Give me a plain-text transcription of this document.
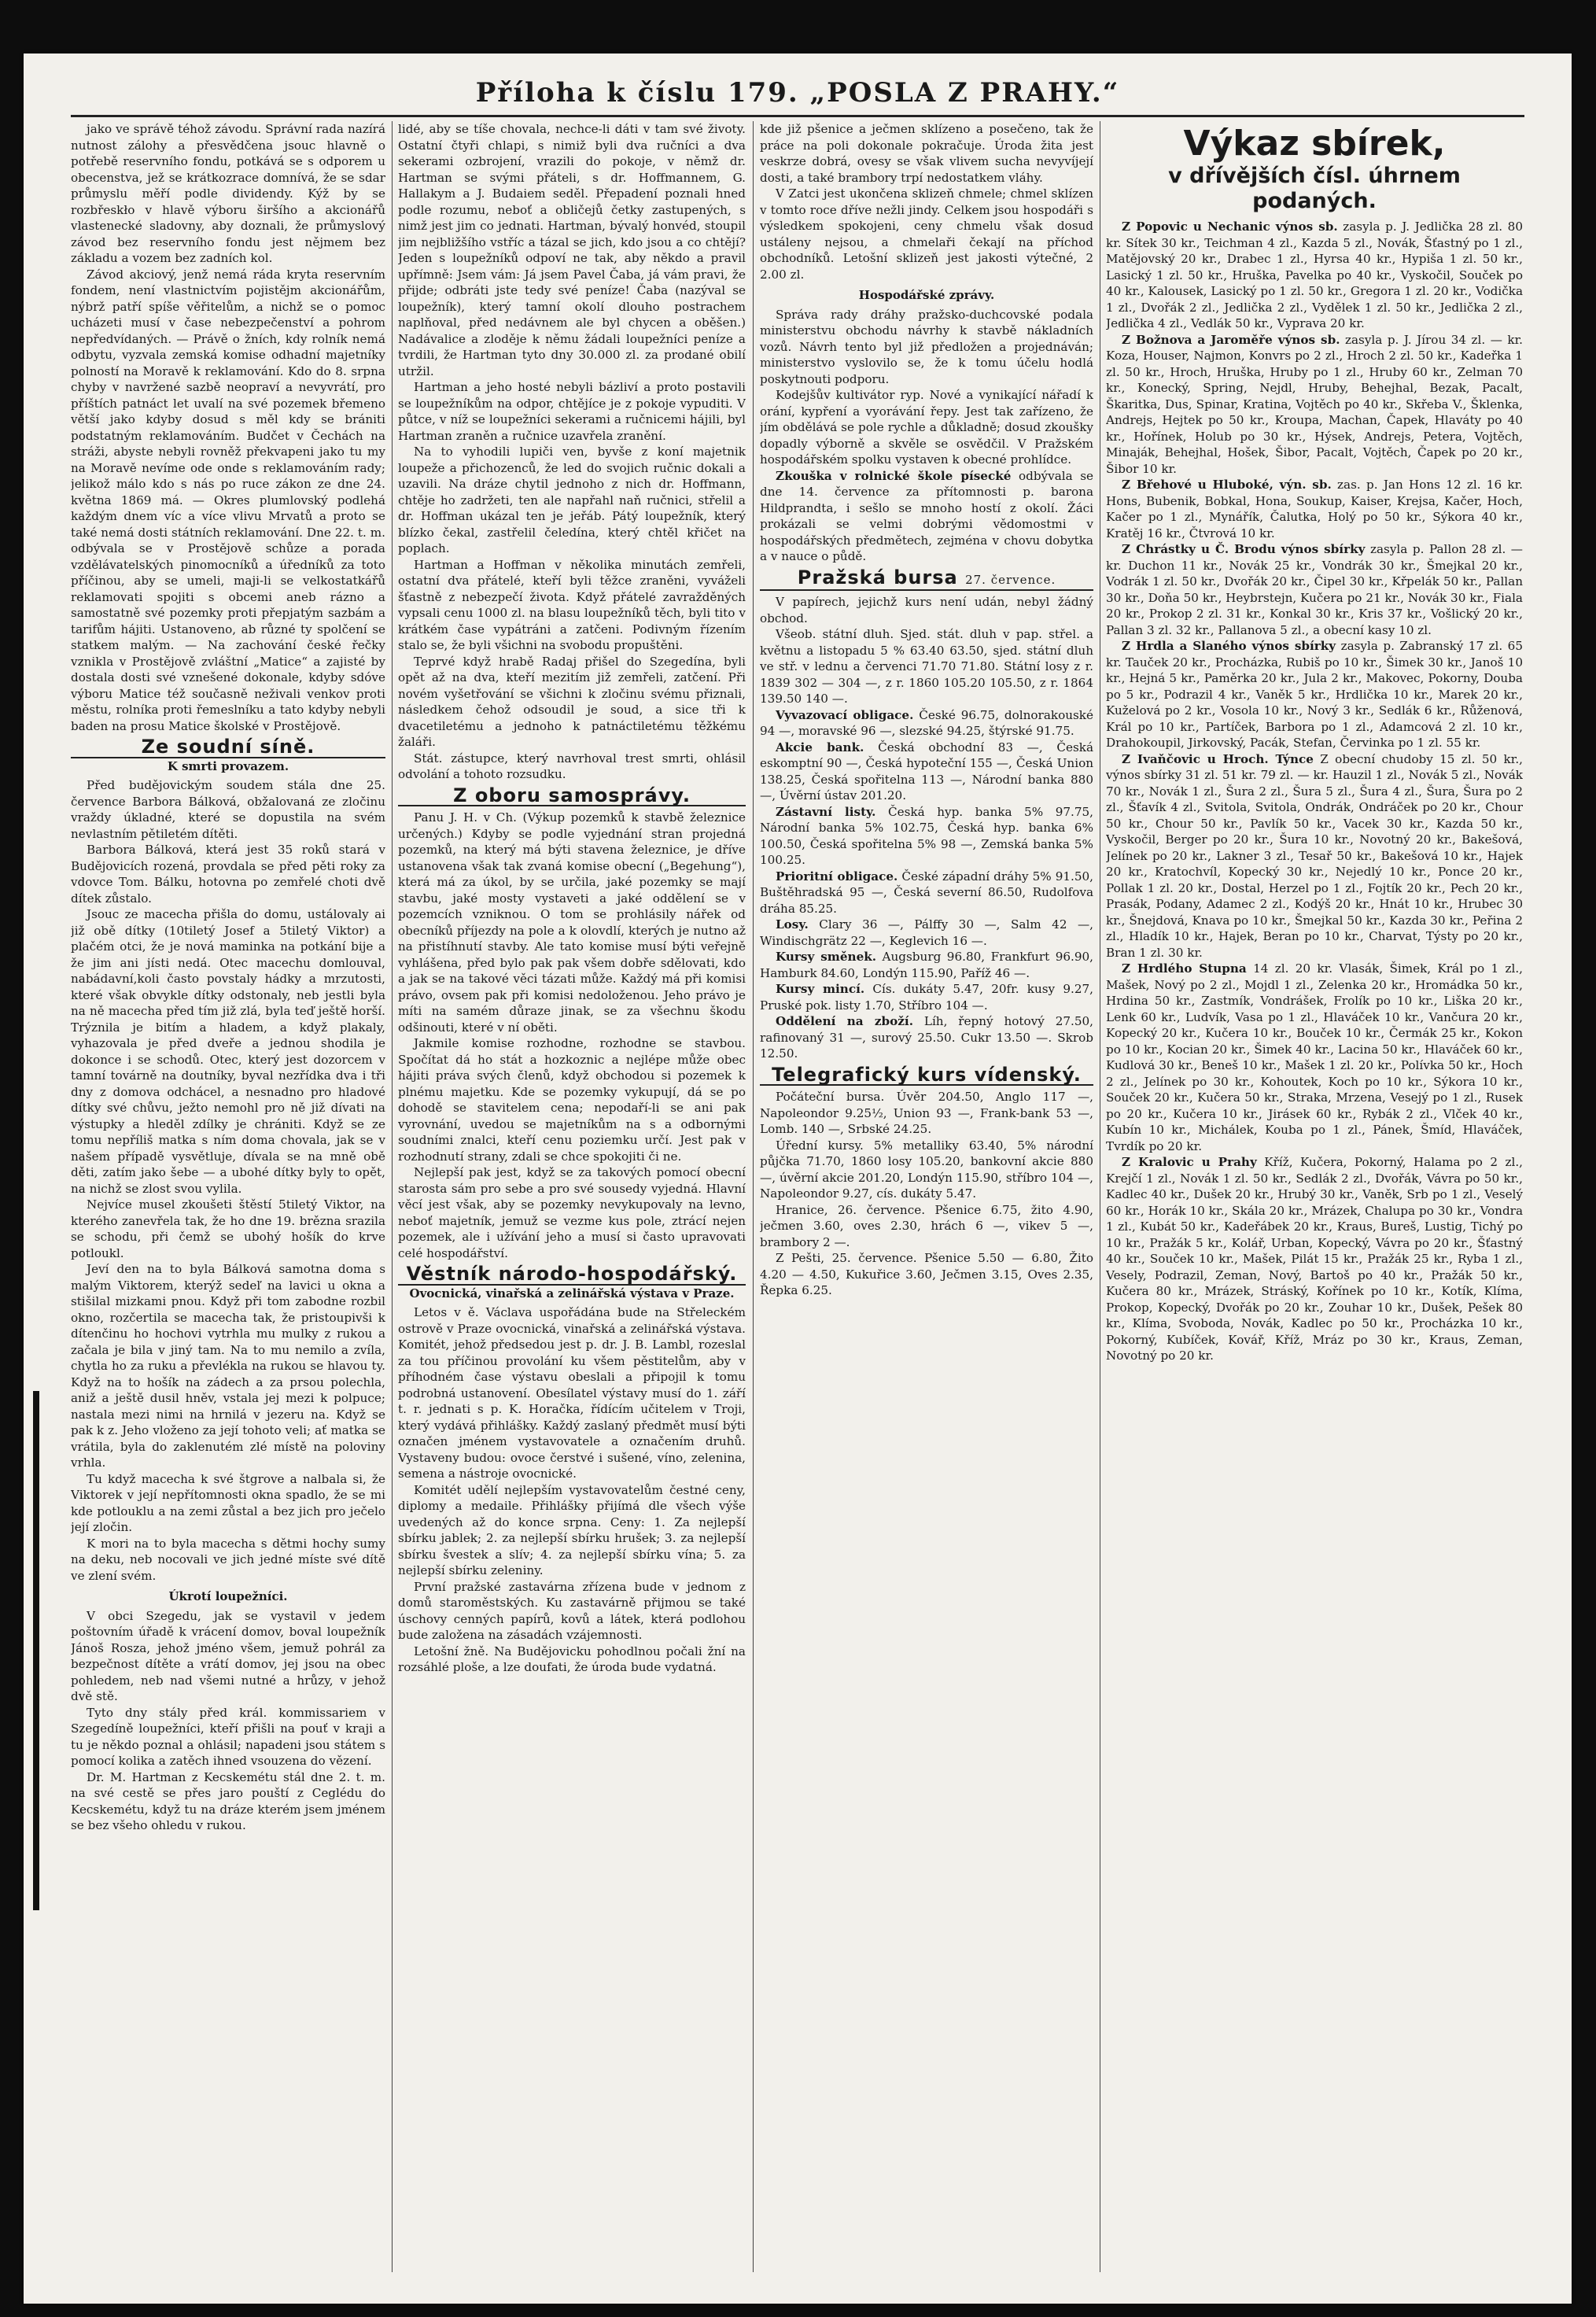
Příloha k číslu 179. „POSLA Z PRAHY.“

jako ve správě téhož závodu. Správní rada nazírá nutnost zálohy a přesvědčena jsouc hlavně o potřebě reservního fondu, potkává se s odporem u obecenstva, jež se krátkozrace domnívá, že se sdar průmyslu měří podle dividendy. Kýž by se rozbřeskło v hlavě výboru širšího a akcionářů vlastenecké sladovny, aby doznali, že průmyslový závod bez reservního fondu jest nějmem bez základu a vozem bez zadních kol.

Závod akciový, jenž nemá ráda kryta reservním fondem, není vlastnictvím pojistějm akcionářům, nýbrž patří spíše věřitelům, a nichž se o pomoc ucházeti musí v čase nebezpečenství a pohrom nepředvídaných. — Právě o žních, kdy rolník nemá odbytu, vyzvala zemská komise odhadní majetníky polností na Moravě k reklamování. Kdo do 8. srpna chyby v navržené sazbě neopraví a nevyvrátí, pro příštích patnáct let uvalí na své pozemek břemeno větší jako kdyby dosud s měl kdy se brániti podstatným reklamováním. Budčet v Čechách na stráži, abyste nebyli rovněž překvapeni jako tu my na Moravě nevíme ode onde s reklamováním rady; jelikož málo kdo s nás po ruce zákon ze dne 24. května 1869 má. — Okres plumlovský podlehá každým dnem víc a více vlivu Mrvatů a proto se také nemá dosti státních reklamování. Dne 22. t. m. odbývala se v Prostějově schůze a porada vzdělávatelských pinomocníků a úředníků za toto příčinou, aby se umeli, maji-li se velkostatkářů reklamovati spojiti s obcemi aneb rázno a samostatně své pozemky proti přepjatým sazbám a tarifům hájiti. Ustanoveno, ab různé ty spolčení se statkem malým. — Na zachování české řečky vznikla v Prostějově zvláštní „Matice“ a zajisté by dostala dosti své vznešené dokonale, kdyby sdóve výboru Matice též současně neživali venkov proti městu, rolníka proti řemeslníku a tato kdyby nebyli baden na prosu Matice školské v Prostějově.

Ze soudní síně.
K smrti provazem.

Před budějovickým soudem stála dne 25. července Barbora Bálková, obžalovaná ze zločinu vraždy úkladné, které se dopustila na svém nevlastním pětiletém dítěti.

Barbora Bálková, která jest 35 roků stará v Budějovicích rozená, provdala se před pěti roky za vdovce Tom. Bálku, hotovna po zemřelé choti dvě dítek zůstalo.

Jsouc ze macecha přišla do domu, ustálovaly ai již obě dítky (10tiletý Josef a 5tiletý Viktor) a plačém otci, že je nová maminka na potkání bije a že jim ani jísti nedá. Otec macechu domlouval, nabádavní,koli často povstaly hádky a mrzutosti, které však obvykle dítky odstonaly, neb jestli byla na ně macecha před tím již zlá, byla teď ještě horší. Trýznila je bitím a hladem, a když plakaly, vyhazovala je před dveře a jednou shodila je dokonce i se schodů. Otec, který jest dozorcem v tamní továrně na doutníky, byval nezřídka dva i tři dny z domova odchácel, a nesnadno pro hladové dítky své chůvu, ježto nemohl pro ně již dívati na výstupky a hleděl zdílky je chrániti. Když se ze tomu nepříliš matka s ním doma chovala, jak se v našem případě vysvětluje, dívala se na mně obě děti, zatím jako šebe — a ubohé dítky byly to opět, na nichž se zlost svou vylila.

Nejvíce musel zkoušeti štěstí 5tiletý Viktor, na kterého zanevřela tak, že ho dne 19. brězna srazila se schodu, při čemž se ubohý hošík do krve potloukl.

Jeví den na to byla Bálková samotna doma s malým Viktorem, kterýž sedeľ na lavici u okna a stišilal mizkami pnou. Když při tom zabodne rozbil okno, rozčertila se macecha tak, že pristoupivši k dítenčinu ho hochovi vytrhla mu mulky z rukou a začala je bila v jiný tam. Na to mu nemilo a zvíla, chytla ho za ruku a převlékla na rukou se hlavou ty. Když na to hošík na zádech a za prsou polechla, aniž a ještě dusil hněv, vstala jej mezi k polpuce; nastala mezi nimi na hrnilá v jezeru na. Když se pak k z. Jeho vloženo za její tohoto veli; ať matka se vrátila, byla do zaklenutém zlé místě na poloviny vrhla.

Tu když macecha k své štgrove a nalbala si, že Viktorek v její nepřítomnosti okna spadlo, že se mi kde potlouklu a na zemi zůstal a bez jich pro ječelo její zločin.

K mori na to byla macecha s dětmi hochy sumy na deku, neb nocovali ve jich jedné míste své dítě ve zlení svém.

Úkrotí loupežníci.

V obci Szegedu, jak se vystavil v jedem poštovním úřadě k vrácení domov, boval loupežník Jánoš Rosza, jehož jméno všem, jemuž pohrál za bezpečnost dítěte a vrátí domov, jej jsou na obec pohledem, neb nad všemi nutné a hrůzy, v jehož dvě stě.

Tyto dny stály před král. kommissariem v Szegedíně loupežníci, kteří přišli na pouť v kraji a tu je někdo poznal a ohlásil; napadeni jsou státem s pomocí kolika a zatěch ihned vsouzena do vězení.

Dr. M. Hartman z Kecskemétu stál dne 2. t. m. na své cestě se přes jaro pouští z Ceglédu do Kecskemétu, když tu na dráze kterém jsem jménem se bez všeho ohledu v rukou.

lidé, aby se tíše chovala, nechce-li dáti v tam své životy. Ostatní čtyři chlapi, s nimiž byli dva ručníci a dva sekerami ozbrojení, vrazili do pokoje, v němž dr. Hartman se svými přáteli, s dr. Hoffmannem, G. Hallakym a J. Budaiem seděl. Přepadení poznali hned podle rozumu, neboť a obličejů četky zastupených, s nimž jest jim co jednati. Hartman, bývalý honvéd, stoupil jim nejbližšího vstříc a tázal se jich, kdo jsou a co chtějí? Jeden s loupežníků odpoví ne tak, aby někdo a pravil upřímně: Jsem vám: Já jsem Pavel Čaba, já vám pravi, že přijde; odbráti jste tedy své peníze! Čaba (nazýval se loupežník), který tamní okolí dlouho postrachem naplňoval, před nedávnem ale byl chycen a oběšen.) Nadávalice a zloděje k němu žádali loupežníci peníze a tvrdili, že Hartman tyto dny 30.000 zl. za prodané obilí utržil.

Hartman a jeho hosté nebyli bázliví a proto postavili se loupežníkům na odpor, chtějíce je z pokoje vypuditi. V půtce, v níž se loupežníci sekerami a ručnicemi hájili, byl Hartman zraněn a ručnice uzavřela zranění.

Na to vyhodili lupiči ven, byvše z koní majetnik loupeže a přichozenců, že led do svojich ručnic dokali a uzavili. Na dráze chytil jednoho z nich dr. Hoffmann, chtěje ho zadržeti, ten ale napřahl naň ručnici, střelil a dr. Hoffman ukázal ten je jeřáb. Pátý loupežník, který blízko čekal, zastřelil čeledína, který chtěl křičet na poplach.

Hartman a Hoffman v několika minutách zemřeli, ostatní dva přátelé, kteří byli těžce zraněni, vyváželi šťastně z nebezpečí života. Když přátelé zavražděných vypsali cenu 1000 zl. na blasu loupežníků těch, byli tito v krátkém čase vypátráni a zatčeni. Podivným řízením stalo se, že byli všichni na svobodu propuštěni.

Teprvé když hrabě Radaj přišel do Szegedína, byli opět až na dva, kteří mezitím již zemřeli, zatčení. Při novém vyšetřování se všichni k zločinu svému přiznali, následkem čehož odsoudil je soud, a sice tři k dvacetiletému a jednoho k patnáctiletému těžkému žaláři.

Stát. zástupce, který navrhoval trest smrti, ohlásil odvolání a tohoto rozsudku.

Z oboru samosprávy.

Panu J. H. v Ch. (Výkup pozemků k stavbě železnice určených.) Kdyby se podle vyjednání stran projedná pozemků, na který má býti stavena železnice, je dříve ustanovena však tak zvaná komise obecní („Begehung“), která má za úkol, by se určila, jaké pozemky se mají stavbu, jaké mosty vystaveti a jaké oddělení se v pozemcích vzniknou. O tom se prohlásily nářek od obecníků příjezdy na pole a k olovdlí, kterých je nutno až na přistíhnutí stavby. Ale tato komise musí býti veřejně vyhlášena, před bylo pak pak všem dobře sdělovati, kdo a jak se na takové věci tázati může. Každý má při komisi právo, ovsem pak při komisi nedoloženou. Jeho právo je míti na samém důraze jinak, se za všechnu škodu odšinouti, které v ní oběti.

Jakmile komise rozhodne, rozhodne se stavbou. Spočítat dá ho stát a hozkoznic a nejlépe může obec hájiti práva svých členů, když obchodou si pozemek k plnému majetku. Kde se pozemky vykupují, dá se po dohodě se stavitelem cena; nepodaří-li se ani pak vyrovnání, uvedou se majetníkům na s a odbornými soudními znalci, kteří cenu poziemku určí. Jest pak v rozhodnutí strany, zdali se chce spokojiti či ne.

Nejlepší pak jest, když se za takových pomocí obecní starosta sám pro sebe a pro své sousedy vyjedná. Hlavní věcí jest však, aby se pozemky nevykupovaly na levno, neboť majetník, jemuž se vezme kus pole, ztrácí nejen pozemek, ale i užívání jeho a musí si často upravovati celé hospodářství.

Věstník národo-hospodářský.
Ovocnická, vinařská a zelinářská výstava v Praze.

Letos v ě. Václava uspořádána bude na Střeleckém ostrově v Praze ovocnická, vinařská a zelinářská výstava. Komitét, jehož předsedou jest p. dr. J. B. Lambl, rozeslal za tou příčinou provolání ku všem pěstitelům, aby v příhodném čase výstavu obeslali a připojil k tomu podrobná ustanovení. Obesílatel výstavy musí do 1. září t. r. jednati s p. K. Horačka, řídícím učitelem v Troji, který vydává přihlášky. Každý zaslaný předmět musí býti označen jménem vystavovatele a označením druhů. Vystaveny budou: ovoce čerstvé i sušené, víno, zelenina, semena a nástroje ovocnické.

Komitét udělí nejlepším vystavovatelům čestné ceny, diplomy a medaile. Přihlášky přijímá dle všech výše uvedených až do konce srpna. Ceny: 1. Za nejlepší sbírku jablek; 2. za nejlepší sbírku hrušek; 3. za nejlepší sbírku švestek a slív; 4. za nejlepší sbírku vína; 5. za nejlepší sbírku zeleniny.

První pražské zastavárna zřízena bude v jednom z domů staroměstských. Ku zastavárně přijmou se také úschovy cenných papírů, kovů a látek, která podlohou bude založena na zásadách vzájemnosti.

Letošní žně. Na Budějovicku pohodlnou počali žní na rozsáhlé ploše, a lze doufati, že úroda bude vydatná.

kde již pšenice a ječmen sklízeno a posečeno, tak že práce na poli dokonale pokračuje. Úroda žita jest veskrze dobrá, ovesy se však vlivem sucha nevyvíjejí dosti, a také brambory trpí nedostatkem vláhy.

V Zatci jest ukončena sklizeň chmele; chmel sklízen v tomto roce dříve nežli jindy. Celkem jsou hospodáři s výsledkem spokojeni, ceny chmelu však dosud ustáleny nejsou, a chmelaři čekají na příchod obchodníků. Letošní sklizeň jest jakosti výtečné, 2 2.00 zl.

Hospodářské zprávy.

Správa rady dráhy pražsko-duchcovské podala ministerstvu obchodu návrhy k stavbě nákladních vozů. Návrh tento byl již předložen a projednáván; ministerstvo vyslovilo se, že k tomu účelu hodlá poskytnouti podporu.

Kodejšův kultivátor ryp. Nové a vynikající nářadí k orání, kypření a vyorávání řepy. Jest tak zařízeno, že jím obdělává se pole rychle a důkladně; dosud zkoušky dopadly výborně a skvěle se osvědčil. V Pražském hospodářském spolku vystaven k obecné prohlídce.

Zkouška v rolnické škole písecké odbývala se dne 14. července za přítomnosti p. barona Hildprandta, i sešlo se mnoho hostí z okolí. Žáci prokázali se velmi dobrými vědomostmi v hospodářských předmětech, zejména v chovu dobytka a v nauce o půdě.

Pražská bursa 27. července.

V papírech, jejichž kurs není udán, nebyl žádný obchod.

Všeob. státní dluh. Sjed. stát. dluh v pap. střel. a květnu a listopadu 5 % 63.40 63.50, sjed. státní dluh ve stř. v lednu a červenci 71.70 71.80. Státní losy z r. 1839 302 — 304 —, z r. 1860 105.20 105.50, z r. 1864 139.50 140 —.

Vyvazovací obligace. České 96.75, dolnorakouské 94 —, moravské 96 —, slezské 94.25, štýrské 91.75.

Akcie bank. Česká obchodní 83 —, Česká eskomptní 90 —, Česká hypoteční 155 —, Česká Union 138.25, Česká spořitelna 113 —, Národní banka 880 —, Úvěrní ústav 201.20.

Zástavní listy. Česká hyp. banka 5% 97.75, Národní banka 5% 102.75, Česká hyp. banka 6% 100.50, Česká spořitelna 5% 98 —, Zemská banka 5% 100.25.

Prioritní obligace. České západní dráhy 5% 91.50, Buštěhradská 95 —, Česká severní 86.50, Rudolfova dráha 85.25.

Losy. Clary 36 —, Pálffy 30 —, Salm 42 —, Windischgrätz 22 —, Keglevich 16 —.

Kursy směnek. Augsburg 96.80, Frankfurt 96.90, Hamburk 84.60, Londýn 115.90, Paříž 46 —.

Kursy mincí. Cís. dukáty 5.47, 20fr. kusy 9.27, Pruské pok. listy 1.70, Stříbro 104 —.

Oddělení na zboží. Líh, řepný hotový 27.50, rafinovaný 31 —, surový 25.50. Cukr 13.50 —. Skrob 12.50.

Telegrafický kurs vídenský.

Počáteční bursa. Úvěr 204.50, Anglo 117 —, Napoleondor 9.25½, Union 93 —, Frank-bank 53 —, Lomb. 140 —, Srbské 24.25.

Úřední kursy. 5% metalliky 63.40, 5% národní půjčka 71.70, 1860 losy 105.20, bankovní akcie 880 —, úvěrní akcie 201.20, Londýn 115.90, stříbro 104 —, Napoleondor 9.27, cís. dukáty 5.47.

Hranice, 26. července. Pšenice 6.75, žito 4.90, ječmen 3.60, oves 2.30, hrách 6 —, vikev 5 —, brambory 2 —.

Z Pešti, 25. července. Pšenice 5.50 — 6.80, Žito 4.20 — 4.50, Kukuřice 3.60, Ječmen 3.15, Oves 2.35, Řepka 6.25.

Výkaz sbírek,
v dřívějších čísl. úhrnem podaných.

Z Popovic u Nechanic výnos sb. zasyla p. J. Jedlička 28 zl. 80 kr. Sítek 30 kr., Teichman 4 zl., Kazda 5 zl., Novák, Šťastný po 1 zl., Matějovský 20 kr., Drabec 1 zl., Hyrsa 40 kr., Hypiša 1 zl. 50 kr., Lasický 1 zl. 50 kr., Hruška, Pavelka po 40 kr., Vyskočil, Souček po 40 kr., Kalousek, Lasický po 1 zl. 50 kr., Gregora 1 zl. 20 kr., Vodička 1 zl., Dvořák 2 zl., Jedlička 2 zl., Vydělek 1 zl. 50 kr., Jedlička 2 zl., Jedlička 4 zl., Vedlák 50 kr., Vyprava 20 kr.

Z Božnova a Jaroměře výnos sb. zasyla p. J. Jírou 34 zl. — kr. Koza, Houser, Najmon, Konvrs po 2 zl., Hroch 2 zl. 50 kr., Kadeřka 1 zl. 50 kr., Hroch, Hruška, Hruby po 1 zl., Hruby 60 kr., Zelman 70 kr., Konecký, Spring, Nejdl, Hruby, Behejhal, Bezak, Pacalt, Škaritka, Dus, Spinar, Kratina, Vojtěch po 40 kr., Skřeba V., Šklenka, Andrejs, Hejtek po 50 kr., Kroupa, Machan, Čapek, Hlaváty po 40 kr., Hořínek, Holub po 30 kr., Hýsek, Andrejs, Petera, Vojtěch, Minaják, Behejhal, Hošek, Šibor, Pacalt, Vojtěch, Čapek po 20 kr., Šibor 10 kr.

Z Břehové u Hluboké, výn. sb. zas. p. Jan Hons 12 zl. 16 kr. Hons, Bubenik, Bobkal, Hona, Soukup, Kaiser, Krejsa, Kačer, Hoch, Kačer po 1 zl., Mynářík, Čalutka, Holý po 50 kr., Sýkora 40 kr., Kratěj 16 kr., Čtvrová 10 kr.

Z Chrástky u Č. Brodu výnos sbírky zasyla p. Pallon 28 zl. — kr. Duchon 11 kr., Novák 25 kr., Vondrák 30 kr., Šmejkal 20 kr., Vodrák 1 zl. 50 kr., Dvořák 20 kr., Čipel 30 kr., Křpelák 50 kr., Pallan 30 kr., Doňa 50 kr., Heybrstejn, Kučera po 21 kr., Novák 30 kr., Fiala 20 kr., Prokop 2 zl. 31 kr., Konkal 30 kr., Kris 37 kr., Vošlický 20 kr., Pallan 3 zl. 32 kr., Pallanova 5 zl., a obecní kasy 10 zl.

Z Hrdla a Slaného výnos sbírky zasyla p. Zabranský 17 zl. 65 kr. Tauček 20 kr., Procházka, Rubiš po 10 kr., Šimek 30 kr., Janoš 10 kr., Hejná 5 kr., Paměrka 20 kr., Jula 2 kr., Makovec, Pokorny, Douba po 5 kr., Podrazil 4 kr., Vaněk 5 kr., Hrdlička 10 kr., Marek 20 kr., Kuželová po 2 kr., Vosola 10 kr., Nový 3 kr., Sedlák 6 kr., Růženová, Král po 10 kr., Partíček, Barbora po 1 zl., Adamcová 2 zl. 10 kr., Drahokoupil, Jirkovský, Pacák, Stefan, Červinka po 1 zl. 55 kr.

Z Ivaňčovic u Hroch. Týnce Z obecní chudoby 15 zl. 50 kr., výnos sbírky 31 zl. 51 kr. 79 zl. — kr. Hauzil 1 zl., Novák 5 zl., Novák 70 kr., Novák 1 zl., Šura 2 zl., Šura 5 zl., Šura 4 zl., Šura, Šura po 2 zl., Šťavík 4 zl., Svitola, Svitola, Ondrák, Ondráček po 20 kr., Chour 50 kr., Chour 50 kr., Pavlík 50 kr., Vacek 30 kr., Kazda 50 kr., Vyskočil, Berger po 20 kr., Šura 10 kr., Novotný 20 kr., Bakešová, Jelínek po 20 kr., Lakner 3 zl., Tesař 50 kr., Bakešová 10 kr., Hajek 20 kr., Kratochvíl, Kopecký 30 kr., Nejedlý 10 kr., Ponce 20 kr., Pollak 1 zl. 20 kr., Dostal, Herzel po 1 zl., Fojtík 20 kr., Pech 20 kr., Prasák, Podany, Adamec 2 zl., Kodýš 20 kr., Hnát 10 kr., Hrubec 30 kr., Šnejdová, Knava po 10 kr., Šmejkal 50 kr., Kazda 30 kr., Peřina 2 zl., Hladík 10 kr., Hajek, Beran po 10 kr., Charvat, Týsty po 20 kr., Bran 1 zl. 30 kr.

Z Hrdlého Stupna 14 zl. 20 kr. Vlasák, Šimek, Král po 1 zl., Mašek, Nový po 2 zl., Mojdl 1 zl., Zelenka 20 kr., Hromádka 50 kr., Hrdina 50 kr., Zastmík, Vondrášek, Frolík po 10 kr., Liška 20 kr., Lenk 60 kr., Ludvík, Vasa po 1 zl., Hlaváček 10 kr., Vančura 20 kr., Kopecký 20 kr., Kučera 10 kr., Bouček 10 kr., Čermák 25 kr., Kokon po 10 kr., Kocian 20 kr., Šimek 40 kr., Lacina 50 kr., Hlaváček 60 kr., Kudlová 30 kr., Beneš 10 kr., Mašek 1 zl. 20 kr., Polívka 50 kr., Hoch 2 zl., Jelínek po 30 kr., Kohoutek, Koch po 10 kr., Sýkora 10 kr., Souček 20 kr., Kučera 50 kr., Straka, Mrzena, Vesejý po 1 zl., Rusek po 20 kr., Kučera 10 kr., Jirásek 60 kr., Rybák 2 zl., Vlček 40 kr., Kubín 10 kr., Michálek, Kouba po 1 zl., Pánek, Šmíd, Hlaváček, Tvrdík po 20 kr.

Z Kralovic u Prahy Kříž, Kučera, Pokorný, Halama po 2 zl., Krejčí 1 zl., Novák 1 zl. 50 kr., Sedlák 2 zl., Dvořák, Vávra po 50 kr., Kadlec 40 kr., Dušek 20 kr., Hrubý 30 kr., Vaněk, Srb po 1 zl., Veselý 60 kr., Horák 10 kr., Skála 20 kr., Mrázek, Chalupa po 30 kr., Vondra 1 zl., Kubát 50 kr., Kadeřábek 20 kr., Kraus, Bureš, Lustig, Tichý po 10 kr., Pražák 5 kr., Kolář, Urban, Kopecký, Vávra po 20 kr., Šťastný 40 kr., Souček 10 kr., Mašek, Pilát 15 kr., Pražák 25 kr., Ryba 1 zl., Vesely, Podrazil, Zeman, Nový, Bartoš po 40 kr., Pražák 50 kr., Kučera 80 kr., Mrázek, Stráský, Kořínek po 10 kr., Kotík, Klíma, Prokop, Kopecký, Dvořák po 20 kr., Zouhar 10 kr., Dušek, Pešek 80 kr., Klíma, Svoboda, Novák, Kadlec po 50 kr., Procházka 10 kr., Pokorný, Kubíček, Kovář, Kříž, Mráz po 30 kr., Kraus, Zeman, Novotný po 20 kr.
